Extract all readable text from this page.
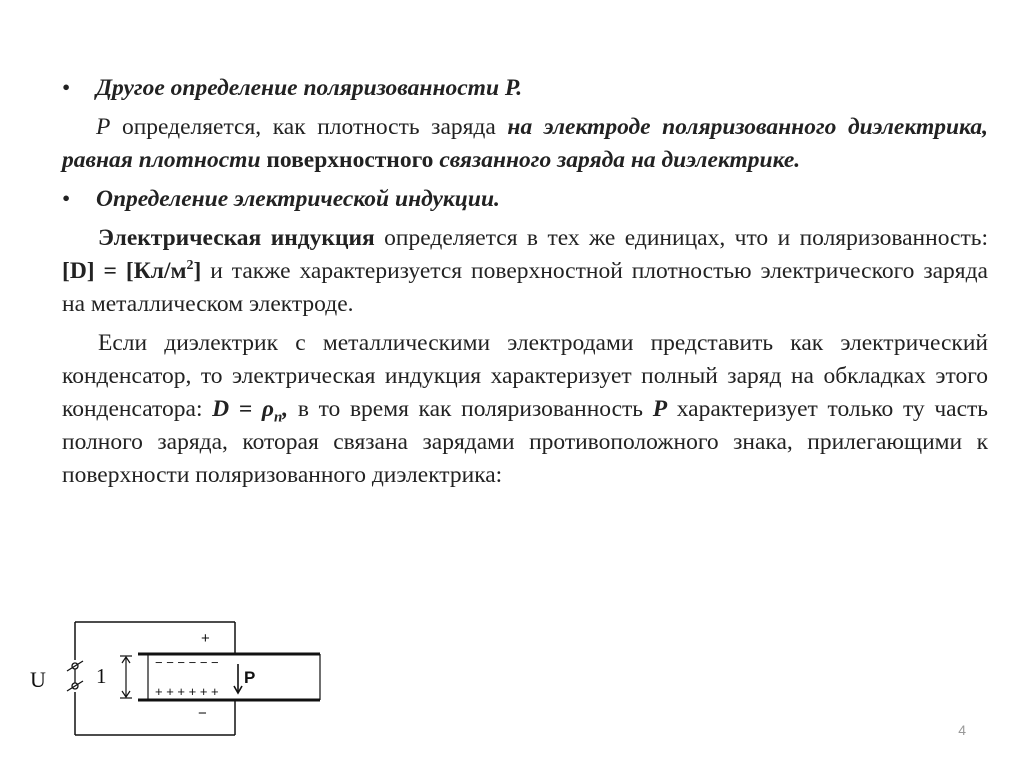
• Другое определение поляризованности P.

P определяется, как плотность заряда на электроде поляризованного диэлектрика, равная плотности поверхностного связанного заряда на диэлектрике.

• Определение электрической индукции.

Электрическая индукция определяется в тех же единицах, что и поляризованность: $[D] = [Кл/м^2]$ и также характеризуется поверхностной плотностью электрического заряда на металлическом электроде.

Если диэлектрик с металлическими электродами представить как электрический конденсатор, то электрическая индукция характеризует полный заряд на обкладках этого конденсатора: $D = \rho_п$, в то время как поляризованность P характеризует только ту часть полного заряда, которая связана зарядами противоположного знака, прилегающими к поверхности поляризованного диэлектрика:

U 1	P
+
−
− − − − − −
+ + + + + +
4
